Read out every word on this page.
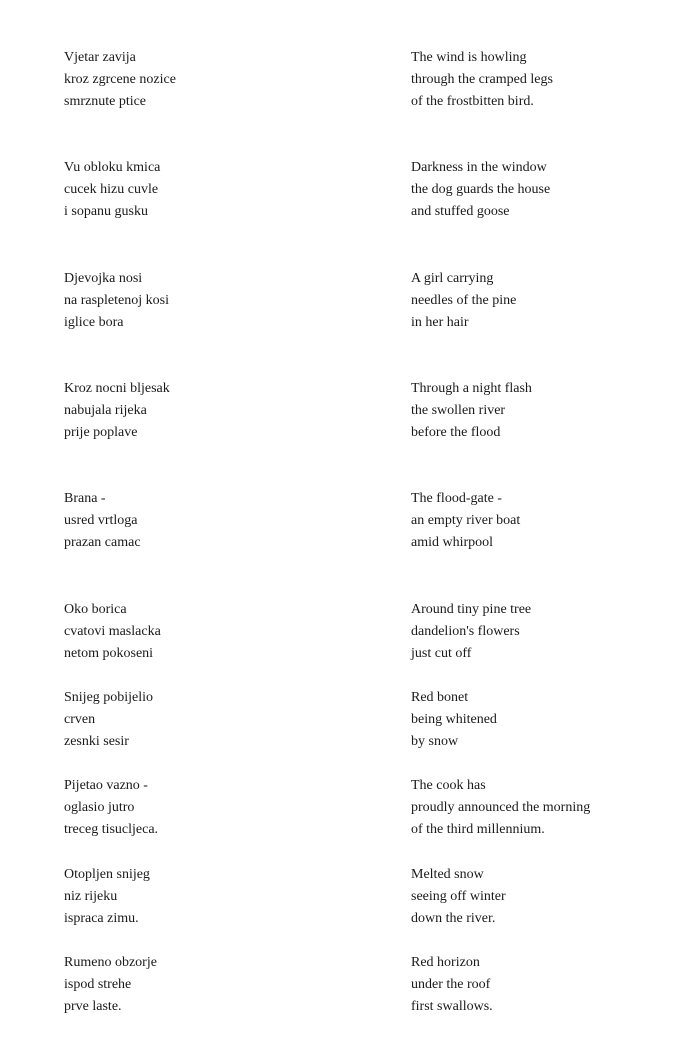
Vjetar zavija
kroz zgrcene nozice
smrznute ptice
The wind is howling
through the cramped legs
of the frostbitten bird.
Vu obloku kmica
cucek hizu cuvle
i sopanu gusku
Darkness in the window
the dog guards the house
and stuffed goose
Djevojka nosi
na raspletenoj kosi
iglice bora
A girl carrying
needles of the pine
in her hair
Kroz nocni bljesak
nabujala rijeka
prije poplave
Through a night flash
the swollen river
before the flood
Brana -
usred vrtloga
prazan camac
The flood-gate -
an empty river boat
amid whirpool
Oko borica
cvatovi maslacka
netom pokoseni
Around tiny pine tree
dandelion's flowers
just cut off
Snijeg pobijelio
crven
zesnki sesir
Red bonet
being whitened
by snow
Pijetao vazno -
oglasio jutro
treceg tisucljeca.
The cook has
proudly announced the morning
of the third millennium.
Otopljen snijeg
niz rijeku
ispraca zimu.
Melted snow
seeing off winter
down the river.
Rumeno obzorje
ispod strehe
prve laste.
Red horizon
under the roof
first swallows.
